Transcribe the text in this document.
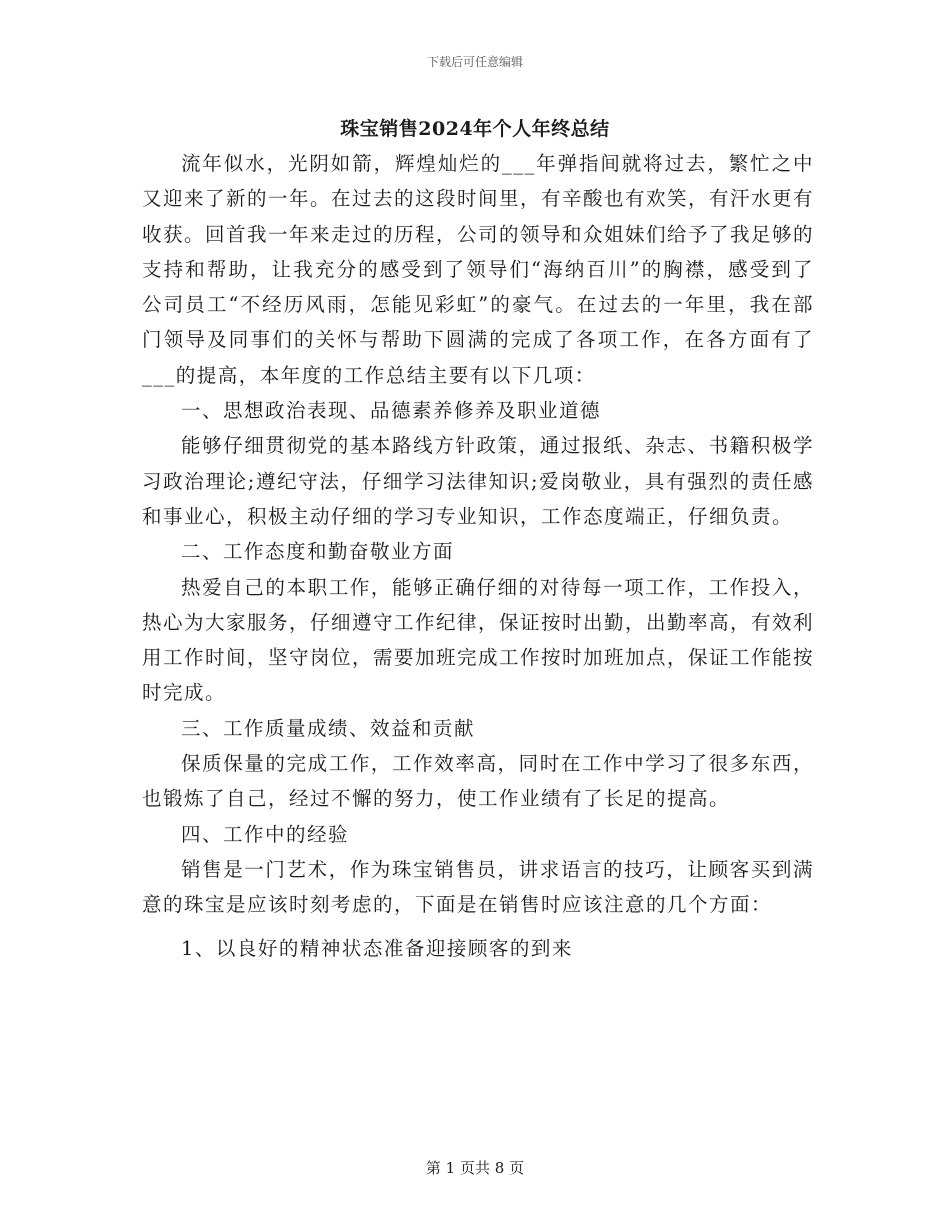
下载后可任意编辑
珠宝销售2024年个人年终总结

流年似水，光阴如箭，辉煌灿烂的___年弹指间就将过去，繁忙之中又迎来了新的一年。在过去的这段时间里，有辛酸也有欢笑，有汗水更有收获。回首我一年来走过的历程，公司的领导和众姐妹们给予了我足够的支持和帮助，让我充分的感受到了领导们“海纳百川”的胸襟，感受到了公司员工“不经历风雨，怎能见彩虹”的豪气。在过去的一年里，我在部门领导及同事们的关怀与帮助下圆满的完成了各项工作，在各方面有了___的提高，本年度的工作总结主要有以下几项：

一、思想政治表现、品德素养修养及职业道德

能够仔细贯彻党的基本路线方针政策，通过报纸、杂志、书籍积极学习政治理论;遵纪守法，仔细学习法律知识;爱岗敬业，具有强烈的责任感和事业心，积极主动仔细的学习专业知识，工作态度端正，仔细负责。

二、工作态度和勤奋敬业方面

热爱自己的本职工作，能够正确仔细的对待每一项工作，工作投入，热心为大家服务，仔细遵守工作纪律，保证按时出勤，出勤率高，有效利用工作时间，坚守岗位，需要加班完成工作按时加班加点，保证工作能按时完成。

三、工作质量成绩、效益和贡献

保质保量的完成工作，工作效率高，同时在工作中学习了很多东西，也锻炼了自己，经过不懈的努力，使工作业绩有了长足的提高。

四、工作中的经验

销售是一门艺术，作为珠宝销售员，讲求语言的技巧，让顾客买到满意的珠宝是应该时刻考虑的，下面是在销售时应该注意的几个方面：

1、以良好的精神状态准备迎接顾客的到来

第 1 页共 8 页
